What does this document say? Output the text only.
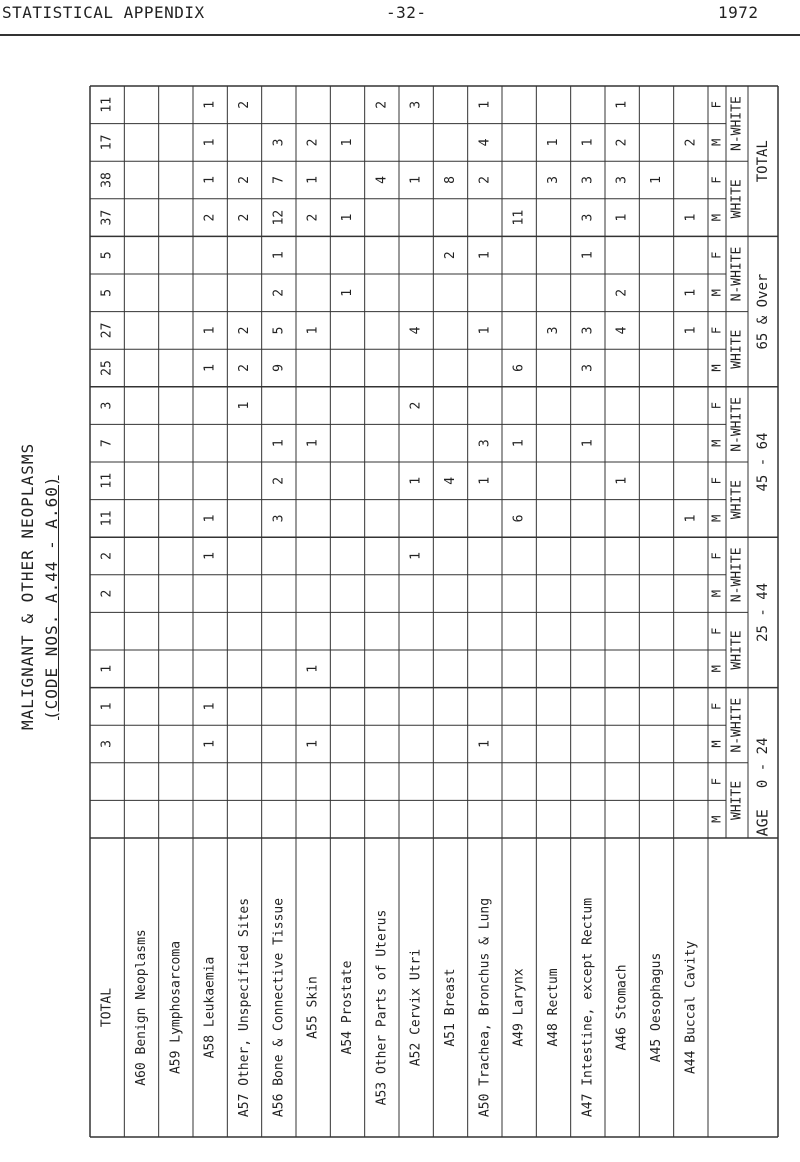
STATISTICAL APPENDIX	-32-	1972
MALIGNANT & OTHER NEOPLASMS (CODE NOS. A.44 - A.60)
AGE
0 - 24
25 - 44
45 - 64
65 & Over
TOTAL
WHITE
N-WHITE
WHITE
N-WHITE
WHITE
N-WHITE
WHITE
N-WHITE
WHITE
N-WHITE
M
F
M
F
M
F
M
F
M
F
M
F
M
F
M
F
M
F
M
F
A44 Buccal Cavity
1
1
1
1
2
A45 Oesophagus
1
A46 Stomach
1
4
2
1
3
2
1
A47 Intestine, except Rectum
1
3
3
1
3
3
1
A48 Rectum
3
3
1
A49 Larynx
6
1
6
11
A50 Trachea, Bronchus & Lung
1
1
3
1
1
2
4
1
A51 Breast
4
2
8
A52 Cervix Utri
1
1
2
4
1
3
A53 Other Parts of Uterus
4
2
A54 Prostate
1
1
1
A55 Skin
1
1
1
1
2
1
2
A56 Bone & Connective Tissue
3
2
1
9
5
2
1
12
7
3
A57 Other, Unspecified Sites
1
2
2
2
2
2
A58 Leukaemia
1
1
1
1
1
1
2
1
1
1
A59 Lymphosarcoma
A60 Benign Neoplasms
TOTAL
3
1
1
2
2
11
11
7
3
25
27
5
5
37
38
17
11
